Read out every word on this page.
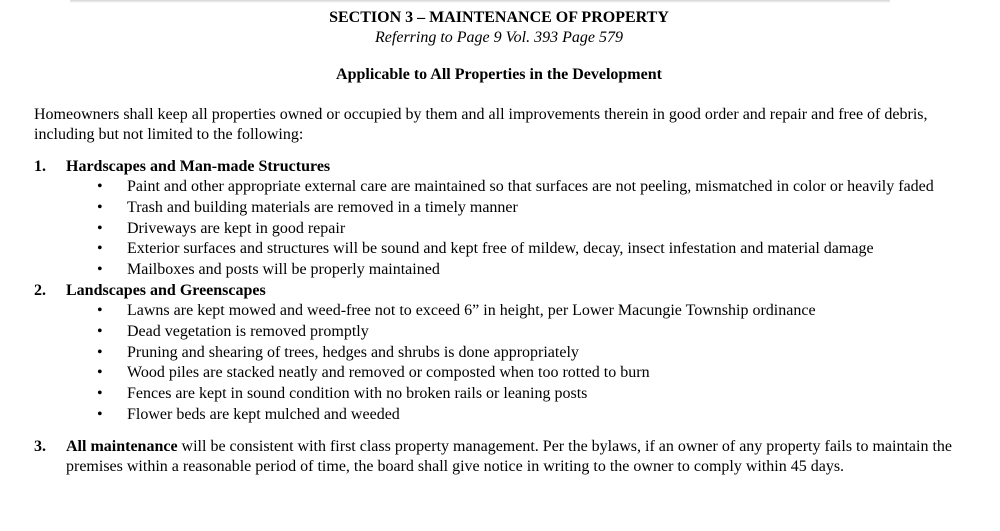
SECTION 3 – MAINTENANCE OF PROPERTY

Referring to Page 9 Vol. 393 Page 579

Applicable to All Properties in the Development

Homeowners shall keep all properties owned or occupied by them and all improvements therein in good order and repair and free of debris, including but not limited to the following:

1. Hardscapes and Man-made Structures
• Paint and other appropriate external care are maintained so that surfaces are not peeling, mismatched in color or heavily faded
• Trash and building materials are removed in a timely manner
• Driveways are kept in good repair
• Exterior surfaces and structures will be sound and kept free of mildew, decay, insect infestation and material damage
• Mailboxes and posts will be properly maintained
2. Landscapes and Greenscapes
• Lawns are kept mowed and weed-free not to exceed 6” in height, per Lower Macungie Township ordinance
• Dead vegetation is removed promptly
• Pruning and shearing of trees, hedges and shrubs is done appropriately
• Wood piles are stacked neatly and removed or composted when too rotted to burn
• Fences are kept in sound condition with no broken rails or leaning posts
• Flower beds are kept mulched and weeded
3. All maintenance will be consistent with first class property management. Per the bylaws, if an owner of any property fails to maintain the premises within a reasonable period of time, the board shall give notice in writing to the owner to comply within 45 days.
